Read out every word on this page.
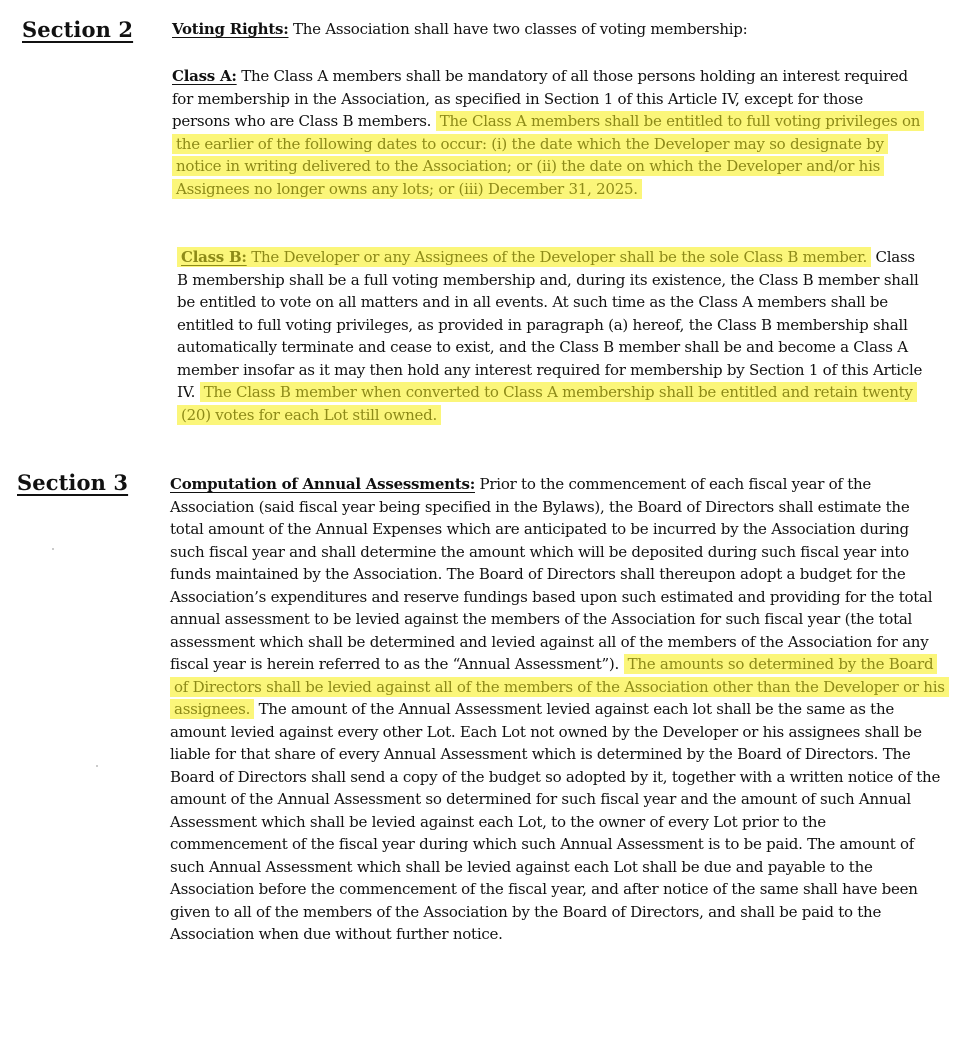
Section 2	Voting Rights: The Association shall have two classes of voting membership:
Class A: The Class A members shall be mandatory of all those persons holding an interest required for membership in the Association, as specified in Section 1 of this Article IV, except for those persons who are Class B members. The Class A members shall be entitled to full voting privileges on the earlier of the following dates to occur: (i) the date which the Developer may so designate by notice in writing delivered to the Association; or (ii) the date on which the Developer and/or his Assignees no longer owns any lots; or (iii) December 31, 2025.
Class B: The Developer or any Assignees of the Developer shall be the sole Class B member. Class B membership shall be a full voting membership and, during its existence, the Class B member shall be entitled to vote on all matters and in all events. At such time as the Class A members shall be entitled to full voting privileges, as provided in paragraph (a) hereof, the Class B membership shall automatically terminate and cease to exist, and the Class B member shall be and become a Class A member insofar as it may then hold any interest required for membership by Section 1 of this Article IV. The Class B member when converted to Class A membership shall be entitled and retain twenty (20) votes for each Lot still owned.
Section 3	Computation of Annual Assessments: Prior to the commencement of each fiscal year of the Association (said fiscal year being specified in the Bylaws), the Board of Directors shall estimate the total amount of the Annual Expenses which are anticipated to be incurred by the Association during such fiscal year and shall determine the amount which will be deposited during such fiscal year into funds maintained by the Association. The Board of Directors shall thereupon adopt a budget for the Association’s expenditures and reserve fundings based upon such estimated and providing for the total annual assessment to be levied against the members of the Association for such fiscal year (the total assessment which shall be determined and levied against all of the members of the Association for any fiscal year is herein referred to as the “Annual Assessment”). The amounts so determined by the Board of Directors shall be levied against all of the members of the Association other than the Developer or his assignees. The amount of the Annual Assessment levied against each lot shall be the same as the amount levied against every other Lot. Each Lot not owned by the Developer or his assignees shall be liable for that share of every Annual Assessment which is determined by the Board of Directors. The Board of Directors shall send a copy of the budget so adopted by it, together with a written notice of the amount of the Annual Assessment so determined for such fiscal year and the amount of such Annual Assessment which shall be levied against each Lot, to the owner of every Lot prior to the commencement of the fiscal year during which such Annual Assessment is to be paid. The amount of such Annual Assessment which shall be levied against each Lot shall be due and payable to the Association before the commencement of the fiscal year, and after notice of the same shall have been given to all of the members of the Association by the Board of Directors, and shall be paid to the Association when due without further notice.
